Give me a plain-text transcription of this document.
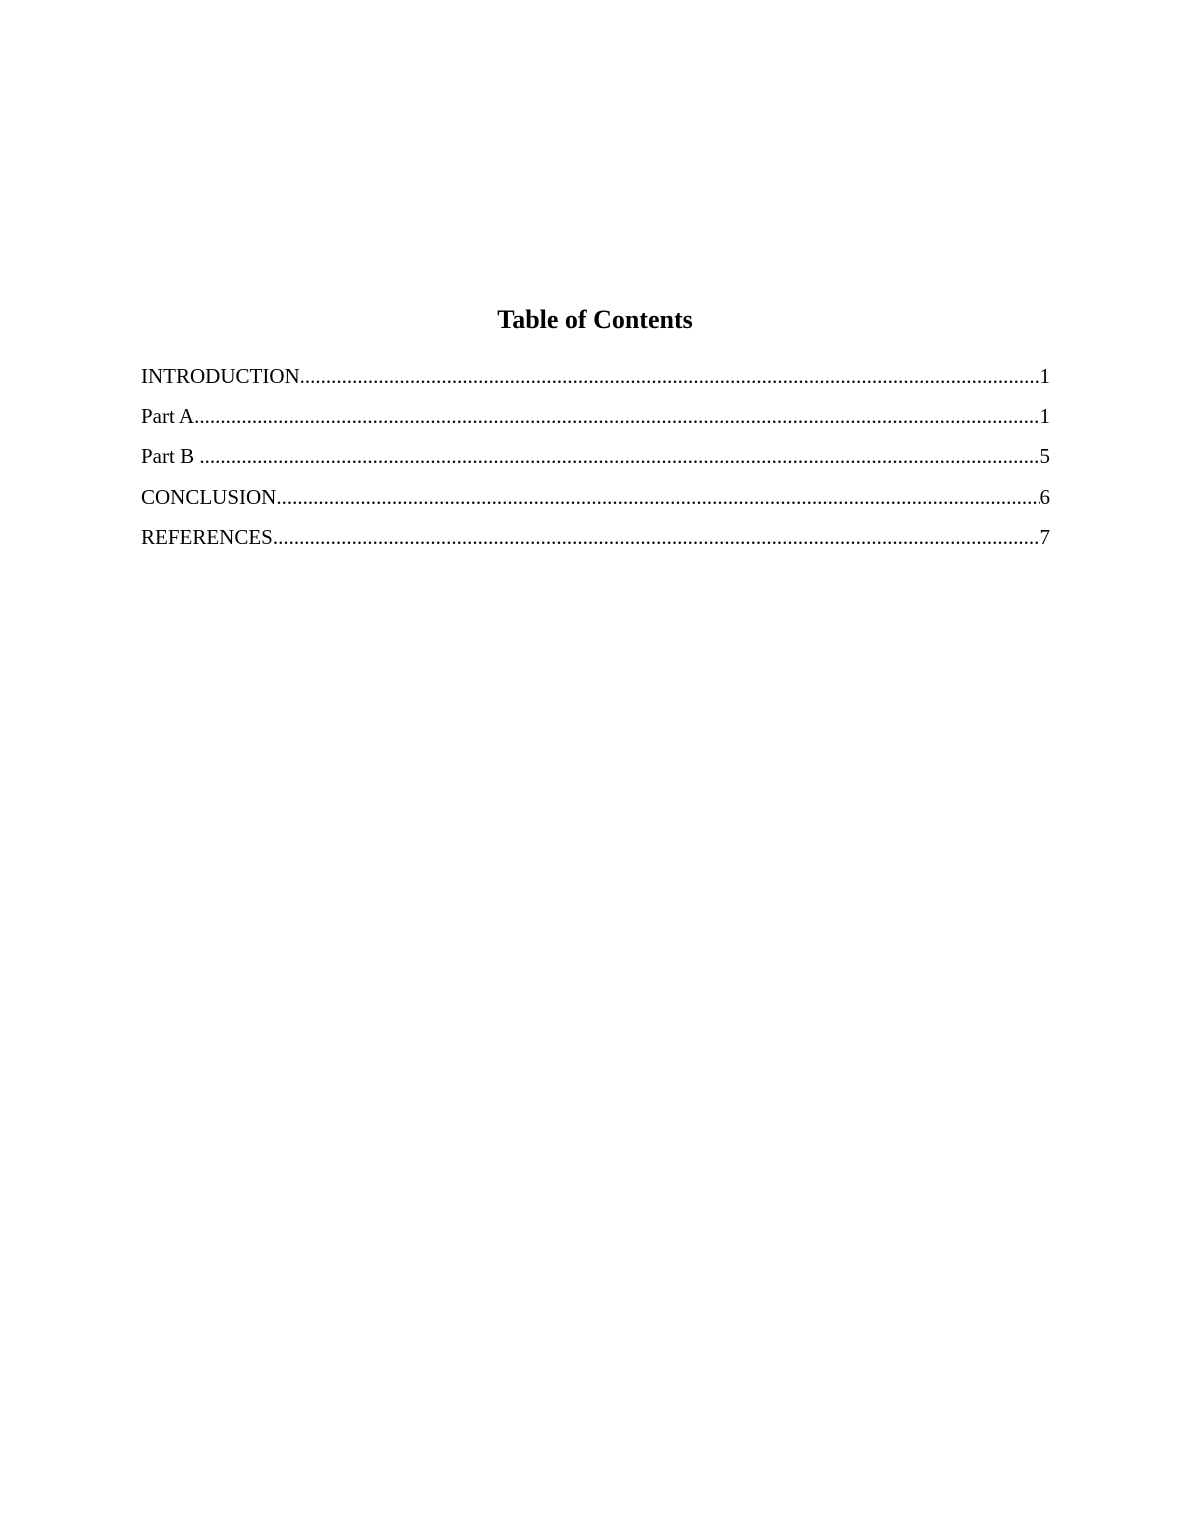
Table of Contents
INTRODUCTION .....	1
Part A .....	1
Part B .....	5
CONCLUSION .....	6
REFERENCES .....	7
